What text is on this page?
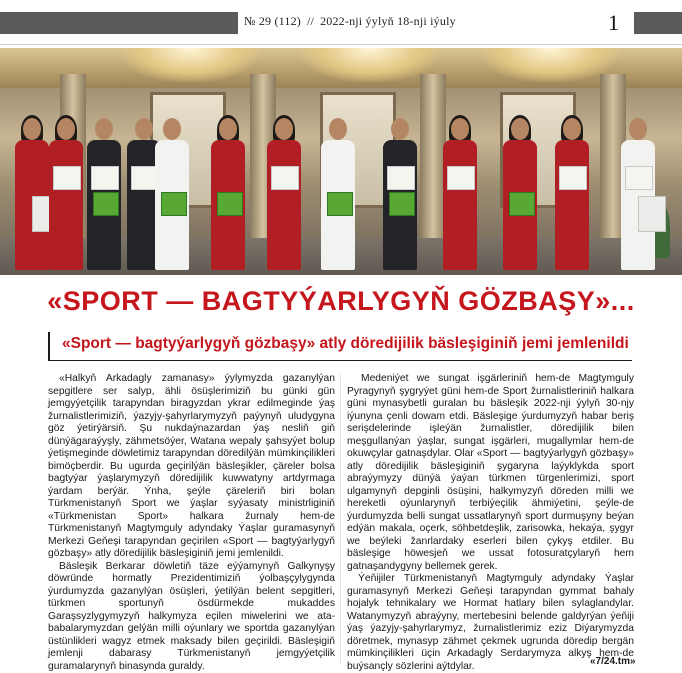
№ 29 (112) // 2022-nji ýylyň 18-nji iýuly	1
«SPORT — BAGTYÝARLYGYŇ GÖZBAŞY»...
«Sport — bagtyýarlygyň gözbaşy» atly döredijilik bäsleşiginiň jemi jemlenildi

«Halkyň Arkadagly zamanasy» ýylymyzda gazanylýan sepgitlere ser salyp, ähli ösüşlerimiziň bu günki gün jemgyýetçilik tarapyndan biragyzdan ykrar edilmeginde ýaş žurnalistlerimiziň, ýazyjy-şahyrlarymyzyň paýynyň uludygyna göz ýetirýärsiň. Şu nukdaýnazardan ýaş nesliň giň dünýägaraýyşly, zähmetsöýer, Watana wepaly şahsyýet bolup ýetişmeginde döwletimiz tarapyndan döredilýän mümkinçilikleri bimöçberdir. Bu ugurda geçirilýän bäsleşikler, çäreler bolsa bagtyýar ýaşlarymyzyň döredijilik kuwwatyny artdyrmaga ýardam berýär. Ýnha, şeýle çäreleriň biri bolan Türkmenistanyň Sport we ýaşlar syýasaty ministrliginiň «Türkmenistan Sport» halkara žurnaly hem-de Türkmenistanyň Magtymguly adyndaky Ýaşlar guramasynyň Merkezi Geňeşi tarapyndan geçirilen «Sport — bagtyýarlygyň gözbaşy» atly döredijilik bäsleşiginiň jemi jemlenildi.

Bäsleşik Berkarar döwletiň täze eýýamynyň Galkynyşy döwründe hormatly Prezidentimiziň ýolbaşçylygynda ýurdumyzda gazanylýan ösüşleri, ýetilýän belent sepgitleri, türkmen sportunyň ösdürmekde mukaddes Garaşsyzlygymyzyň halkymyza eçilen miwelerini we ata-babalarymyzdan gelýän milli oýunlary we sportda gazanylýan üstünlikleri wagyz etmek maksady bilen geçirildi. Bäsleşigiň jemlenji dabarasy Türkmenistanyň jemgyýetçilik guramalarynyň binasynda guraldy.

Medeniýet we sungat işgärleriniň hem-de Magtymguly Pyragynyň şygryýet güni hem-de Sport žurnalistleriniň halkara güni mynasybetli guralan bu bäsleşik 2022-nji ýylyň 30-njy iýunyna çenli dowam etdi. Bäsleşige ýurdumyzyň habar beriş serişdelerinde işleýän žurnalistler, döredijilik bilen meşgullanýan ýaşlar, sungat işgärleri, mugallymlar hem-de okuwçylar gatnaşdylar. Olar «Sport — bagtyýarlygyň gözbaşy» atly döredijilik bäsleşiginiň şygaryna laýyklykda sport abraýymyzy dünýä ýaýan türkmen türgenlerimizi, sport ulgamynyň depginli ösüşini, halkymyzyň döreden milli we hereketli oýunlarynyň terbiýeçilik ähmiýetini, şeýle-de ýurdumyzda belli sungat ussatlarynyň sport durmuşyny beýan edýän makala, oçerk, söhbetdeşlik, zarisowka, hekaýa, şygyr we beýleki žanrlardaky eserleri bilen çykyş etdiler. Bu bäsleşige höwesjeň we ussat fotosuratçylaryň hem gatnaşandygyny bellemek gerek.

Ýeňijiler Türkmenistanyň Magtymguly adyndaky Ýaşlar guramasynyň Merkezi Geňeşi tarapyndan gymmat bahaly hojalyk tehnikalary we Hormat hatlary bilen sylaglandylar. Watanymyzyň abraýyny, mertebesini belende galdyrýan ýeňiji ýaş ýazyjy-şahyrlarymyz, žurnalistlerimiz eziz Diýarymyzda döretmek, mynasyp zähmet çekmek ugrunda döredip bergän mümkinçilikleri üçin Arkadagly Serdarymyza alkyş hem-de buýsançly sözlerini aýtdylar.	«7/24.tm»
